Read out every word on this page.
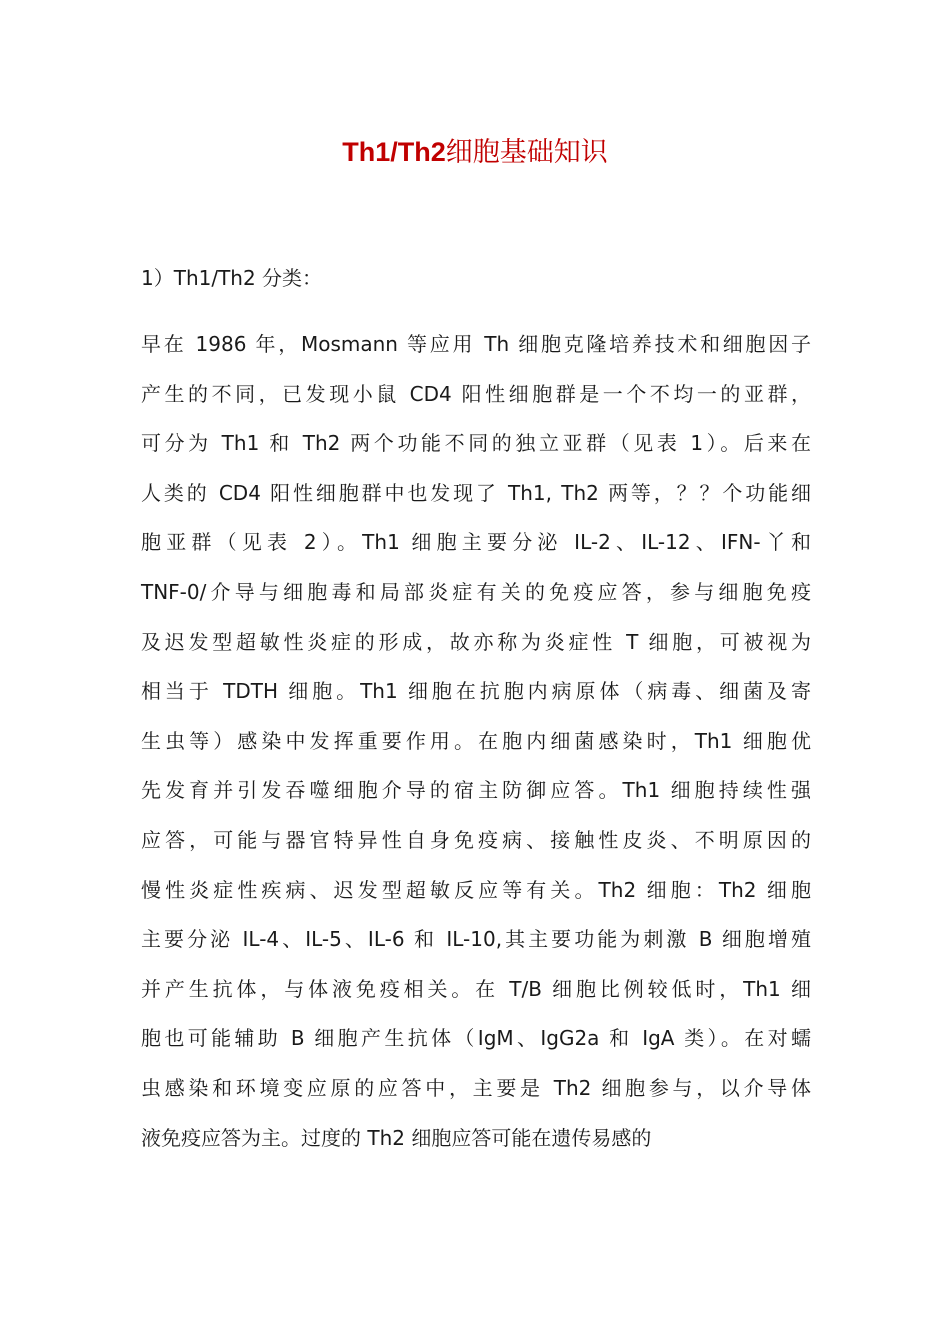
Th1/Th2细胞基础知识
1）Th1/Th2 分类：
早在 1986 年，Mosmann 等应用 Th 细胞克隆培养技术和细胞因子
产生的不同，已发现小鼠 CD4 阳性细胞群是一个不均一的亚群，
可分为 Th1 和 Th2 两个功能不同的独立亚群（见表 1）。后来在
人类的 CD4 阳性细胞群中也发现了 Th1, Th2 两等，？？个功能细
胞亚群（见表 2）。Th1 细胞主要分泌 IL-2、IL-12、IFN-丫和
TNF-0/介导与细胞毒和局部炎症有关的免疫应答，参与细胞免疫
及迟发型超敏性炎症的形成，故亦称为炎症性 T 细胞，可被视为
相当于 TDTH 细胞。Th1 细胞在抗胞内病原体（病毒、细菌及寄
生虫等）感染中发挥重要作用。在胞内细菌感染时，Th1 细胞优
先发育并引发吞噬细胞介导的宿主防御应答。Th1 细胞持续性强
应答，可能与器官特异性自身免疫病、接触性皮炎、不明原因的
慢性炎症性疾病、迟发型超敏反应等有关。Th2 细胞：Th2 细胞
主要分泌 IL-4、IL-5、IL-6 和 IL-10,其主要功能为刺激 B 细胞增殖
并产生抗体，与体液免疫相关。在 T/B 细胞比例较低时，Th1 细
胞也可能辅助 B 细胞产生抗体（IgM、IgG2a 和 IgA 类）。在对蠕
虫感染和环境变应原的应答中，主要是 Th2 细胞参与，以介导体
液免疫应答为主。过度的 Th2 细胞应答可能在遗传易感的
